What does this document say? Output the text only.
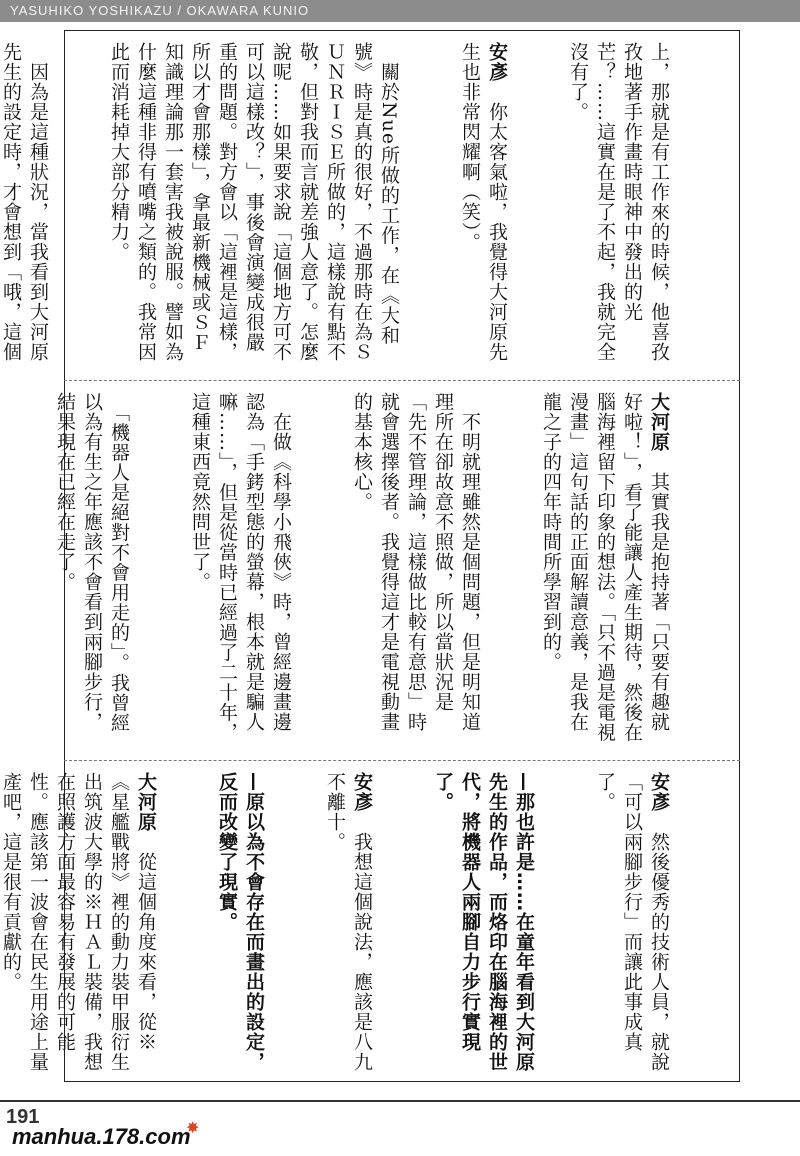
YASUHIKO YOSHIKAZU / OKAWARA KUNIO

上，那就是有工作來的時候，他喜孜孜地著手作畫時眼神中發出的光芒？……這實在是了不起，我就完全沒有了。

安彥　你太客氣啦，我覺得大河原先生也非常閃耀啊（笑）。

　關於Nue所做的工作，在《大和號》時是真的很好，不過那時在為ＳＵＮＲＩＳＥ所做的，這樣說有點不敬，但對我而言就差強人意了。怎麼說呢……如果要求說「這個地方可不可以這樣改？」，事後會演變成很嚴重的問題。對方會以「這裡是這樣，所以才會那樣」，拿最新機械或ＳＦ知識理論那一套害我被說服。譬如為什麼這種非得有噴嘴之類的。我常因此而消耗掉大部分精力。

　因為是這種狀況，當我看到大河原先生的設定時，才會想到「哦，這個

大河原　其實我是抱持著「只要有趣就好啦！」，看了能讓人產生期待，然後在腦海裡留下印象的想法。「只不過是電視漫畫」這句話的正面解讀意義，是我在龍之子的四年時間所學習到的。

　不明就理雖然是個問題，但是明知道理所在卻故意不照做，所以當狀況是「先不管理論，這樣做比較有意思」時就會選擇後者。我覺得這才是電視動畫的基本核心。

　在做《科學小飛俠》時，曾經邊畫邊認為「手銬型態的螢幕，根本就是騙人嘛……」，但是從當時已經過了二十年，這種東西竟然問世了。

　「機器人是絕對不會用走的」。我曾經以為有生之年應該不會看到兩腳步行，結果現在已經在走了。

安彥　然後優秀的技術人員，就說「可以兩腳步行」而讓此事成真了。

—那也許是……在童年看到大河原先生的作品，而烙印在腦海裡的世代，將機器人兩腳自力步行實現了。

安彥　我想這個說法，應該是八九不離十。

—原以為不會存在而畫出的設定，反而改變了現實。

大河原　從這個角度來看，從※《星艦戰將》裡的動力裝甲服衍生出筑波大學的※ＨＡＬ裝備，我想在照護方面最容易有發展的可能性。應該第一波會在民生用途上量產吧，這是很有貢獻的。

191
manhua.178.com
✸
